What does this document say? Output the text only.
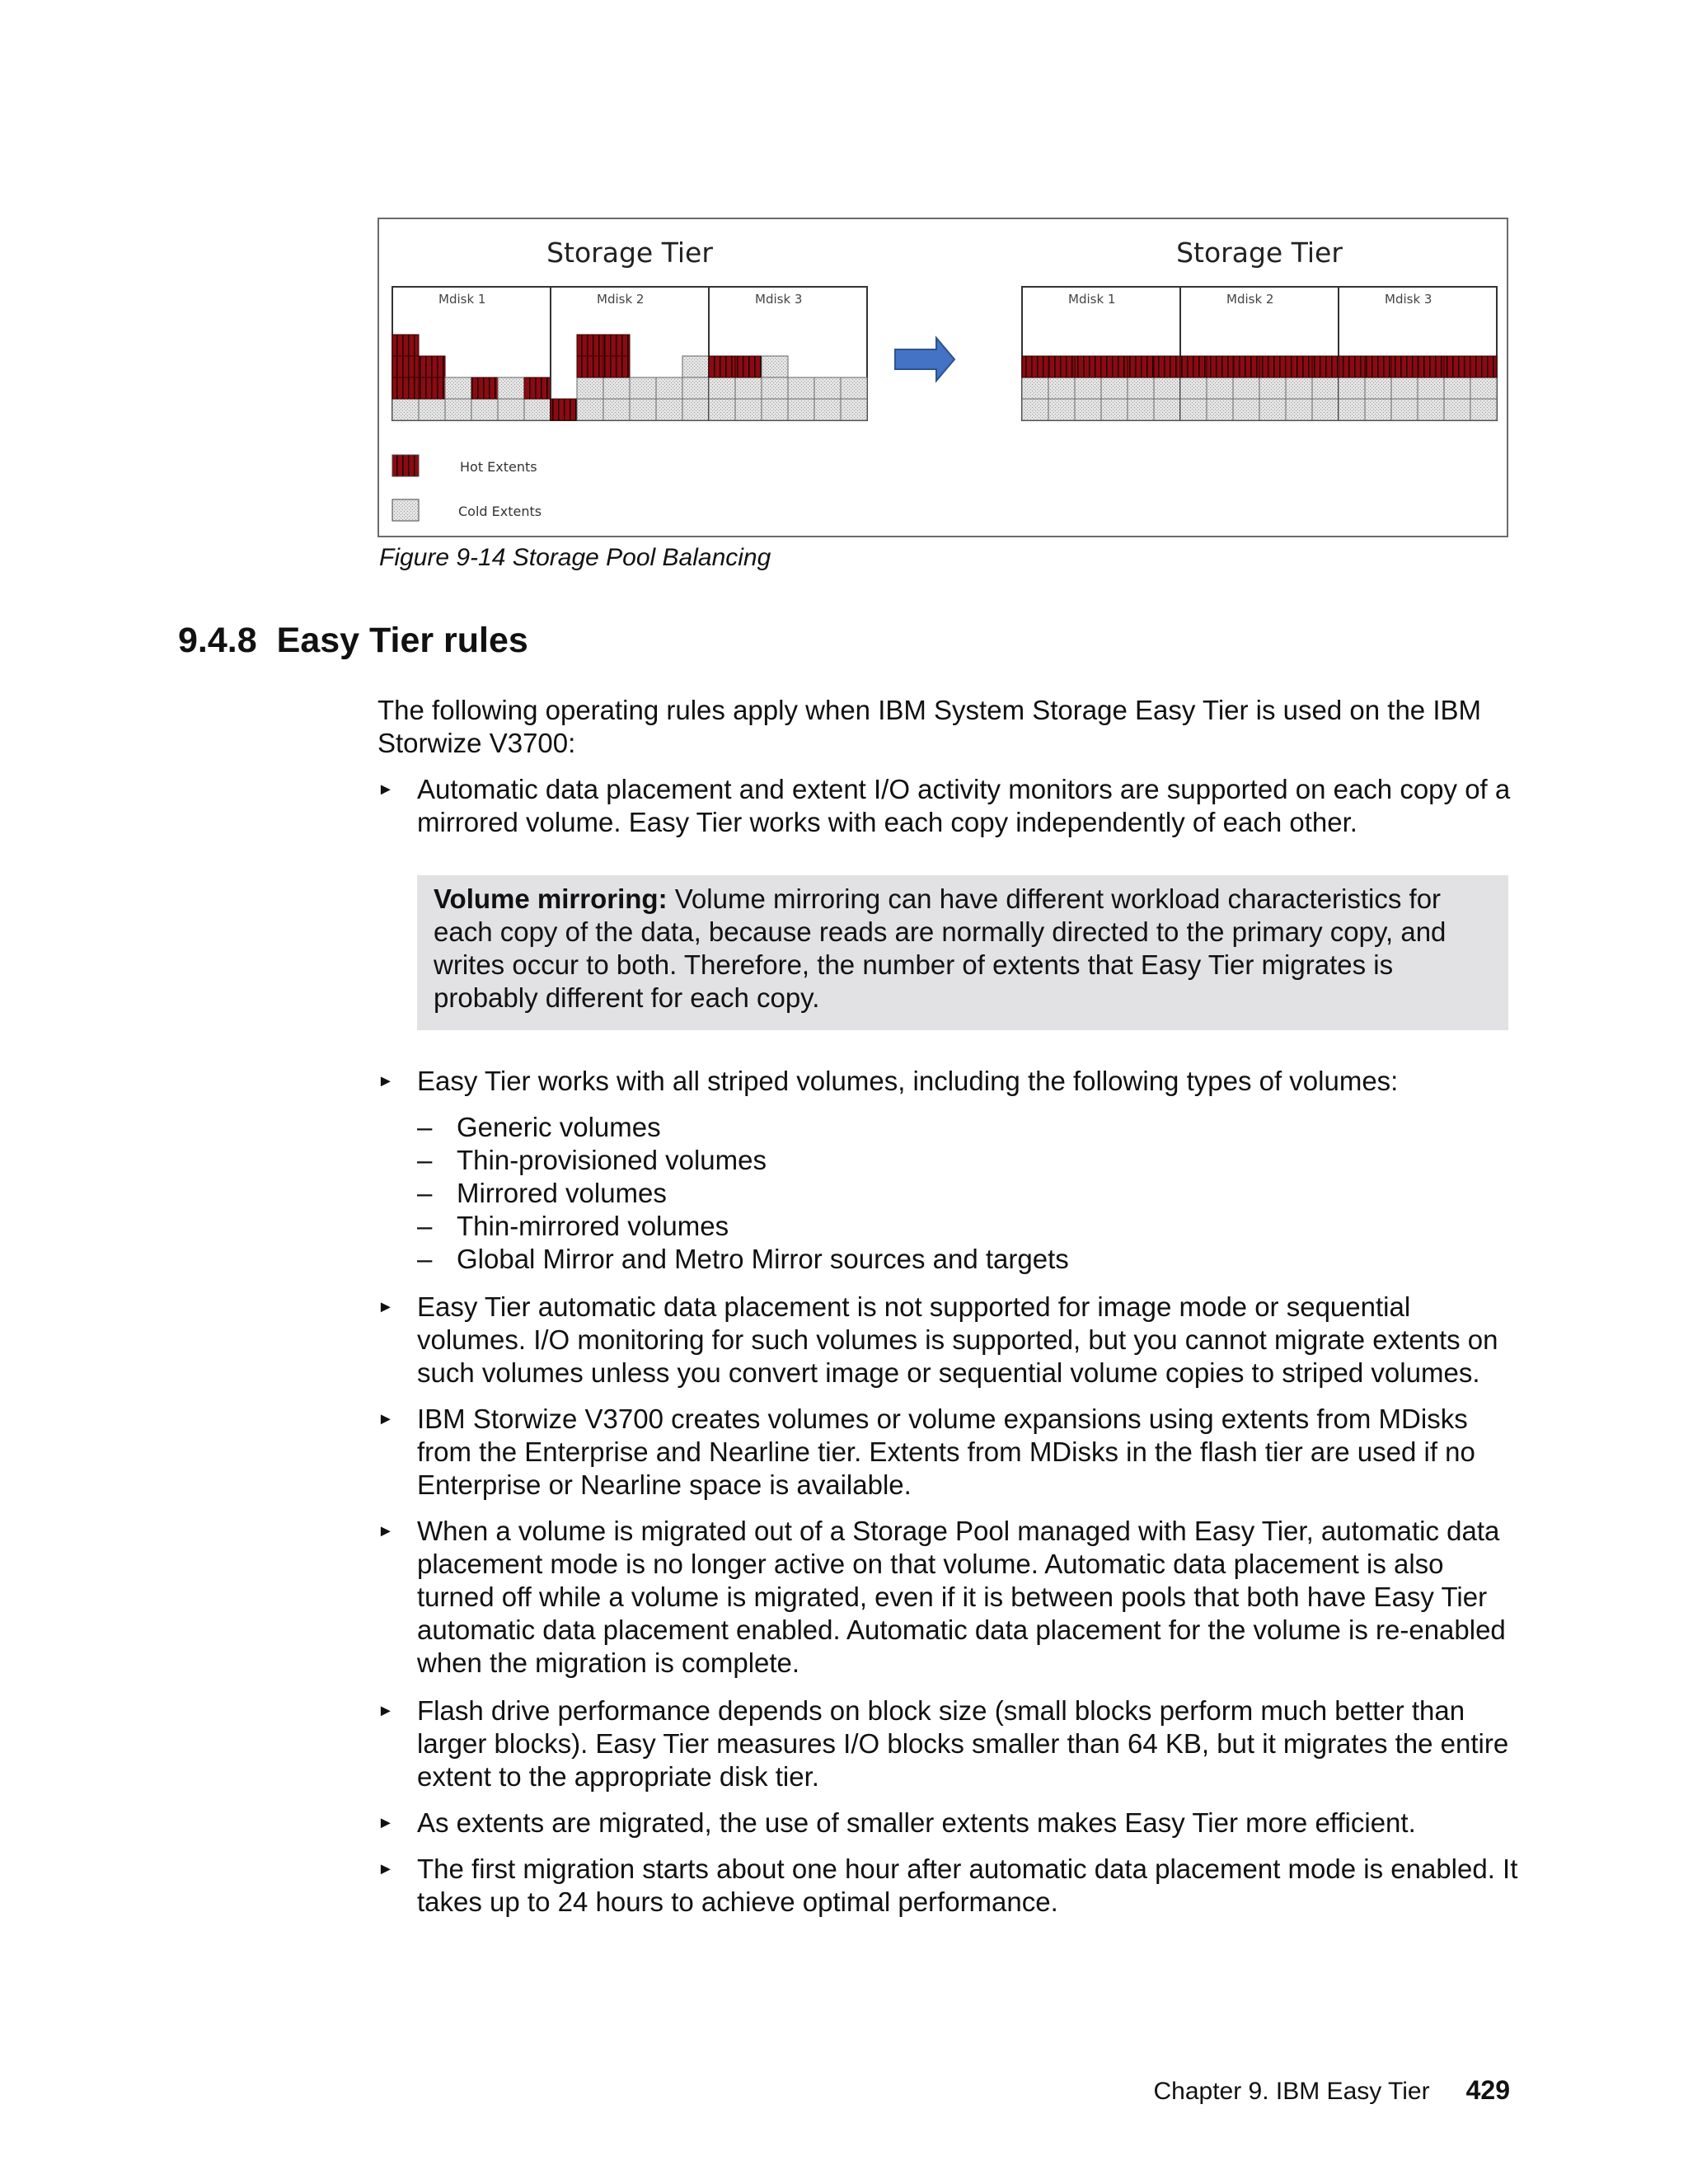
Storage Tier	Storage Tier
Mdisk 1	Mdisk 2	Mdisk 3	Mdisk 1	Mdisk 2	Mdisk 3
Hot Extents
Cold Extents
Figure 9-14 Storage Pool Balancing
9.4.8 Easy Tier rules
The following operating rules apply when IBM System Storage Easy Tier is used on the IBM Storwize V3700:
► Automatic data placement and extent I/O activity monitors are supported on each copy of a mirrored volume. Easy Tier works with each copy independently of each other.
Volume mirroring: Volume mirroring can have different workload characteristics for each copy of the data, because reads are normally directed to the primary copy, and writes occur to both. Therefore, the number of extents that Easy Tier migrates is probably different for each copy.
► Easy Tier works with all striped volumes, including the following types of volumes:
– Generic volumes
– Thin-provisioned volumes
– Mirrored volumes
– Thin-mirrored volumes
– Global Mirror and Metro Mirror sources and targets
► Easy Tier automatic data placement is not supported for image mode or sequential volumes. I/O monitoring for such volumes is supported, but you cannot migrate extents on such volumes unless you convert image or sequential volume copies to striped volumes.
► IBM Storwize V3700 creates volumes or volume expansions using extents from MDisks from the Enterprise and Nearline tier. Extents from MDisks in the flash tier are used if no Enterprise or Nearline space is available.
► When a volume is migrated out of a Storage Pool managed with Easy Tier, automatic data placement mode is no longer active on that volume. Automatic data placement is also turned off while a volume is migrated, even if it is between pools that both have Easy Tier automatic data placement enabled. Automatic data placement for the volume is re-enabled when the migration is complete.
► Flash drive performance depends on block size (small blocks perform much better than larger blocks). Easy Tier measures I/O blocks smaller than 64 KB, but it migrates the entire extent to the appropriate disk tier.
► As extents are migrated, the use of smaller extents makes Easy Tier more efficient.
► The first migration starts about one hour after automatic data placement mode is enabled. It takes up to 24 hours to achieve optimal performance.
Chapter 9. IBM Easy Tier 429
